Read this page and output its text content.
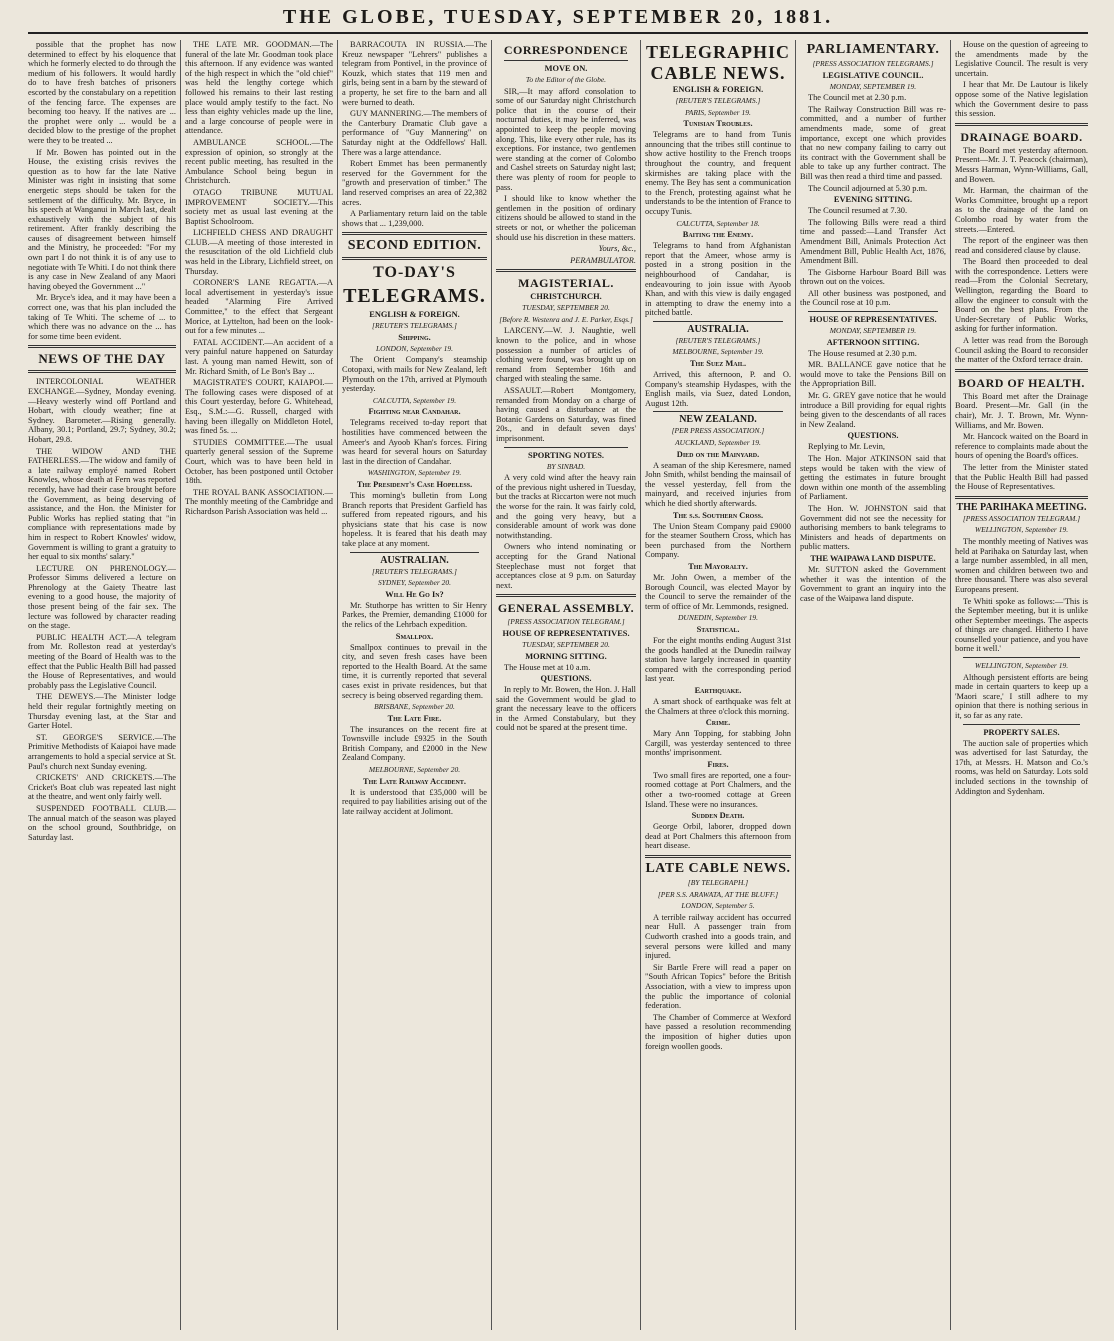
THE GLOBE, TUESDAY, SEPTEMBER 20, 1881.

possible that the prophet has now determined to effect by his eloquence that which he formerly elected to do through the medium of his followers. It would hardly do to have fresh batches of prisoners escorted by the constabulary on a repetition of the fencing farce. The expenses are becoming too heavy. If the natives are ... the prophet were only ... would be a decided blow to the prestige of the prophet were they to be treated ...

If Mr. Bowen has pointed out in the House, the existing crisis revives the question as to how far the late Native Minister was right in insisting that some energetic steps should be taken for the settlement of the difficulty. Mr. Bryce, in his speech at Wanganui in March last, dealt exhaustively with the subject of his retirement. After frankly describing the causes of disagreement between himself and the Ministry, he proceeded: "For my own part I do not think it is of any use to negotiate with Te Whiti. I do not think there is any case in New Zealand of any Maori having obeyed the Government ..."

Mr. Bryce's idea, and it may have been a correct one, was that his plan included the taking of Te Whiti. The scheme of ... to which there was no advance on the ... has for some time been evident.

NEWS OF THE DAY

INTERCOLONIAL WEATHER EXCHANGE.—Sydney, Monday evening.—Heavy westerly wind off Portland and Hobart, with cloudy weather; fine at Sydney. Barometer.—Rising generally. Albany, 30.1; Portland, 29.7; Sydney, 30.2; Hobart, 29.8.

THE WIDOW AND THE FATHERLESS.—The widow and family of a late railway employé named Robert Knowles, whose death at Fern was reported recently, have had their case brought before the Government, as being deserving of assistance, and the Hon. the Minister for Public Works has replied stating that "in compliance with representations made by him in respect to Robert Knowles' widow, Government is willing to grant a gratuity to her equal to six months' salary."

LECTURE ON PHRENOLOGY.—Professor Simms delivered a lecture on Phrenology at the Gaiety Theatre last evening to a good house, the majority of those present being of the fair sex. The lecture was followed by character reading on the stage.

PUBLIC HEALTH ACT.—A telegram from Mr. Rolleston read at yesterday's meeting of the Board of Health was to the effect that the Public Health Bill had passed the House of Representatives, and would probably pass the Legislative Council.

THE DEWEYS.—The Minister lodge held their regular fortnightly meeting on Thursday evening last, at the Star and Garter Hotel.

ST. GEORGE'S SERVICE.—The Primitive Methodists of Kaiapoi have made arrangements to hold a special service at St. Paul's church next Sunday evening.

CRICKETS' AND CRICKETS.—The Cricket's Boat club was repeated last night at the theatre, and went only fairly well.

SUSPENDED FOOTBALL CLUB.—The annual match of the season was played on the school ground, Southbridge, on Saturday last.

THE LATE MR. GOODMAN.—The funeral of the late Mr. Goodman took place this afternoon. If any evidence was wanted of the high respect in which the "old chief" was held the lengthy cortege which followed his remains to their last resting place would amply testify to the fact. No less than eighty vehicles made up the line, and a large concourse of people were in attendance.

AMBULANCE SCHOOL.—The expression of opinion, so strongly at the recent public meeting, has resulted in the Ambulance School being begun in Christchurch.

OTAGO TRIBUNE MUTUAL IMPROVEMENT SOCIETY.—This society met as usual last evening at the Baptist Schoolroom.

LICHFIELD CHESS AND DRAUGHT CLUB.—A meeting of those interested in the resuscitation of the old Lichfield club was held in the Library, Lichfield street, on Thursday.

CORONER'S LANE REGATTA.—A local advertisement in yesterday's issue headed "Alarming Fire Arrived Committee," to the effect that Sergeant Morice, at Lyttelton, had been on the look-out for a few minutes ...

FATAL ACCIDENT.—An accident of a very painful nature happened on Saturday last. A young man named Hewitt, son of Mr. Richard Smith, of Le Bon's Bay ...

MAGISTRATE'S COURT, KAIAPOI.—The following cases were disposed of at this Court yesterday, before G. Whitehead, Esq., S.M.:—G. Russell, charged with having been illegally on Middleton Hotel, was fined 5s. ...

STUDIES COMMITTEE.—The usual quarterly general session of the Supreme Court, which was to have been held in October, has been postponed until October 18th.

THE ROYAL BANK ASSOCIATION.—The monthly meeting of the Cambridge and Richardson Parish Association was held ...

BARRACOUTA IN RUSSIA.—The Kreuz newspaper "Lehrers" publishes a telegram from Pontivel, in the province of Kouzk, which states that 119 men and girls, being sent in a barn by the steward of a property, he set fire to the barn and all were burned to death.

GUY MANNERING.—The members of the Canterbury Dramatic Club gave a performance of "Guy Mannering" on Saturday night at the Oddfellows' Hall. There was a large attendance.

Robert Emmet has been permanently reserved for the Government for the "growth and preservation of timber." The land reserved comprises an area of 22,382 acres.

A Parliamentary return laid on the table shows that ... 1,239,000.

SECOND EDITION.
TO-DAY'S
TELEGRAMS.
ENGLISH & FOREIGN.
[REUTER'S TELEGRAMS.]
Shipping.
LONDON, September 19.

The Orient Company's steamship Cotopaxi, with mails for New Zealand, left Plymouth on the 17th, arrived at Plymouth yesterday.

CALCUTTA, September 19.
Fighting near Candahar.

Telegrams received to-day report that hostilities have commenced between the Ameer's and Ayoob Khan's forces. Firing was heard for several hours on Saturday last in the direction of Candahar.

WASHINGTON, September 19.
The President's Case Hopeless.

This morning's bulletin from Long Branch reports that President Garfield has suffered from repeated rigours, and his physicians state that his case is now hopeless. It is feared that his death may take place at any moment.

AUSTRALIAN.
[REUTER'S TELEGRAMS.]
SYDNEY, September 20.
Will He Go In?

Mr. Stuthorpe has written to Sir Henry Parkes, the Premier, demanding £1000 for the relics of the Lehrbach expedition.

Smallpox.

Smallpox continues to prevail in the city, and seven fresh cases have been reported to the Health Board. At the same time, it is currently reported that several cases exist in private residences, but that secrecy is being observed regarding them.

BRISBANE, September 20.
The Late Fire.

The insurances on the recent fire at Townsville include £9325 in the South British Company, and £2000 in the New Zealand Company.

MELBOURNE, September 20.
The Late Railway Accident.

It is understood that £35,000 will be required to pay liabilities arising out of the late railway accident at Jolimont.

CORRESPONDENCE
MOVE ON.
To the Editor of the Globe.

SIR,—It may afford consolation to some of our Saturday night Christchurch police that in the course of their nocturnal duties, it may be inferred, was appointed to keep the people moving along. This, like every other rule, has its exceptions. For instance, two gentlemen were standing at the corner of Colombo and Cashel streets on Saturday night last; there was plenty of room for people to pass.

I should like to know whether the gentlemen in the position of ordinary citizens should be allowed to stand in the streets or not, or whether the policeman should use his discretion in these matters.

Yours, &c.,
PERAMBULATOR.
MAGISTERIAL.
CHRISTCHURCH.
TUESDAY, SEPTEMBER 20.
[Before R. Westenra and J. E. Parker, Esqs.]

LARCENY.—W. J. Naughtie, well known to the police, and in whose possession a number of articles of clothing were found, was brought up on remand from September 16th and charged with stealing the same.

ASSAULT.—Robert Montgomery, remanded from Monday on a charge of having caused a disturbance at the Botanic Gardens on Saturday, was fined 20s., and in default seven days' imprisonment.

SPORTING NOTES.
BY SINBAD.

A very cold wind after the heavy rain of the previous night ushered in Tuesday, but the tracks at Riccarton were not much the worse for the rain. It was fairly cold, and the going very heavy, but a considerable amount of work was done notwithstanding.

Owners who intend nominating or accepting for the Grand National Steeplechase must not forget that acceptances close at 9 p.m. on Saturday next.

GENERAL ASSEMBLY.
[PRESS ASSOCIATION TELEGRAM.]
HOUSE OF REPRESENTATIVES.
TUESDAY, SEPTEMBER 20.
MORNING SITTING.

The House met at 10 a.m.

QUESTIONS.

In reply to Mr. Bowen, the Hon. J. Hall said the Government would be glad to grant the necessary leave to the officers in the Armed Constabulary, but they could not be spared at the present time.

TELEGRAPHIC
CABLE NEWS.
ENGLISH & FOREIGN.
[REUTER'S TELEGRAMS.]
PARIS, September 19.
Tunisian Troubles.

Telegrams are to hand from Tunis announcing that the tribes still continue to show active hostility to the French troops throughout the country, and frequent skirmishes are taking place with the enemy. The Bey has sent a communication to the French, protesting against what he understands to be the intention of France to occupy Tunis.

CALCUTTA, September 18.
Baiting the Enemy.

Telegrams to hand from Afghanistan report that the Ameer, whose army is posted in a strong position in the neighbourhood of Candahar, is endeavouring to join issue with Ayoob Khan, and with this view is daily engaged in attempting to draw the enemy into a pitched battle.

AUSTRALIA.
[REUTER'S TELEGRAMS.]
MELBOURNE, September 19.
The Suez Mail.

Arrived, this afternoon, P. and O. Company's steamship Hydaspes, with the English mails, via Suez, dated London, August 12th.

NEW ZEALAND.
[PER PRESS ASSOCIATION.]
AUCKLAND, September 19.
Died on the Mainyard.

A seaman of the ship Keresmere, named John Smith, whilst bending the mainsail of the vessel yesterday, fell from the mainyard, and received injuries from which he died shortly afterwards.

The s.s. Southern Cross.

The Union Steam Company paid £9000 for the steamer Southern Cross, which has been purchased from the Northern Company.

The Mayoralty.

Mr. John Owen, a member of the Borough Council, was elected Mayor by the Council to serve the remainder of the term of office of Mr. Lemmonds, resigned.

DUNEDIN, September 19.
Statistical.

For the eight months ending August 31st the goods handled at the Dunedin railway station have largely increased in quantity compared with the corresponding period last year.

Earthquake.

A smart shock of earthquake was felt at the Chalmers at three o'clock this morning.

Crime.

Mary Ann Topping, for stabbing John Cargill, was yesterday sentenced to three months' imprisonment.

Fires.

Two small fires are reported, one a four-roomed cottage at Port Chalmers, and the other a two-roomed cottage at Green Island. These were no insurances.

Sudden Death.

George Orbil, laborer, dropped down dead at Port Chalmers this afternoon from heart disease.

LATE CABLE NEWS.
[BY TELEGRAPH.]
[PER S.S. ARAWATA, AT THE BLUFF.]
LONDON, September 5.

A terrible railway accident has occurred near Hull. A passenger train from Cudworth crashed into a goods train, and several persons were killed and many injured.

Sir Bartle Frere will read a paper on "South African Topics" before the British Association, with a view to impress upon the public the importance of colonial federation.

The Chamber of Commerce at Wexford have passed a resolution recommending the imposition of higher duties upon foreign woollen goods.

PARLIAMENTARY.
[PRESS ASSOCIATION TELEGRAMS.]
LEGISLATIVE COUNCIL.
MONDAY, SEPTEMBER 19.

The Council met at 2.30 p.m.

The Railway Construction Bill was re-committed, and a number of further amendments made, some of great importance, except one which provides that no new company failing to carry out its contract with the Government shall be able to take up any further contract. The Bill was then read a third time and passed.

The Council adjourned at 5.30 p.m.

EVENING SITTING.

The Council resumed at 7.30.

The following Bills were read a third time and passed:—Land Transfer Act Amendment Bill, Animals Protection Act Amendment Bill, Public Health Act, 1876, Amendment Bill.

The Gisborne Harbour Board Bill was thrown out on the voices.

All other business was postponed, and the Council rose at 10 p.m.

HOUSE OF REPRESENTATIVES.
MONDAY, SEPTEMBER 19.
AFTERNOON SITTING.

The House resumed at 2.30 p.m.

MR. BALLANCE gave notice that he would move to take the Pensions Bill on the Appropriation Bill.

Mr. G. GREY gave notice that he would introduce a Bill providing for equal rights being given to the descendants of all races in New Zealand.

QUESTIONS.

Replying to Mr. Levin,

The Hon. Major ATKINSON said that steps would be taken with the view of getting the estimates in future brought down within one month of the assembling of Parliament.

The Hon. W. JOHNSTON said that Government did not see the necessity for authorising members to bank telegrams to Ministers and heads of departments on public matters.

THE WAIPAWA LAND DISPUTE.

Mr. SUTTON asked the Government whether it was the intention of the Government to grant an inquiry into the case of the Waipawa land dispute.

House on the question of agreeing to the amendments made by the Legislative Council. The result is very uncertain.

I hear that Mr. De Lautour is likely oppose some of the Native legislation which the Government desire to pass this session.

DRAINAGE BOARD.

The Board met yesterday afternoon. Present—Mr. J. T. Peacock (chairman), Messrs Harman, Wynn-Williams, Gall, and Bowen.

Mr. Harman, the chairman of the Works Committee, brought up a report as to the drainage of the land on Colombo road by water from the streets.—Entered.

The report of the engineer was then read and considered clause by clause.

The Board then proceeded to deal with the correspondence. Letters were read—From the Colonial Secretary, Wellington, regarding the Board to allow the engineer to consult with the Board on the best plans. From the Under-Secretary of Public Works, asking for further information.

A letter was read from the Borough Council asking the Board to reconsider the matter of the Oxford terrace drain.

BOARD OF HEALTH.

This Board met after the Drainage Board. Present—Mr. Gall (in the chair), Mr. J. T. Brown, Mr. Wynn-Williams, and Mr. Bowen.

Mr. Hancock waited on the Board in reference to complaints made about the hours of opening the Board's offices.

The letter from the Minister stated that the Public Health Bill had passed the House of Representatives.

THE PARIHAKA MEETING.
[PRESS ASSOCIATION TELEGRAM.]
WELLINGTON, September 19.

The monthly meeting of Natives was held at Parihaka on Saturday last, when a large number assembled, in all men, women and children between two and three thousand. There was also several Europeans present.

Te Whiti spoke as follows:—'This is the September meeting, but it is unlike other September meetings. The aspects of things are changed. Hitherto I have counselled your patience, and you have borne it well.'

WELLINGTON, September 19.

Although persistent efforts are being made in certain quarters to keep up a 'Maori scare,' I still adhere to my opinion that there is nothing serious in it, so far as any rate.

PROPERTY SALES.

The auction sale of properties which was advertised for last Saturday, the 17th, at Messrs. H. Matson and Co.'s rooms, was held on Saturday. Lots sold included sections in the township of Addington and Sydenham.
